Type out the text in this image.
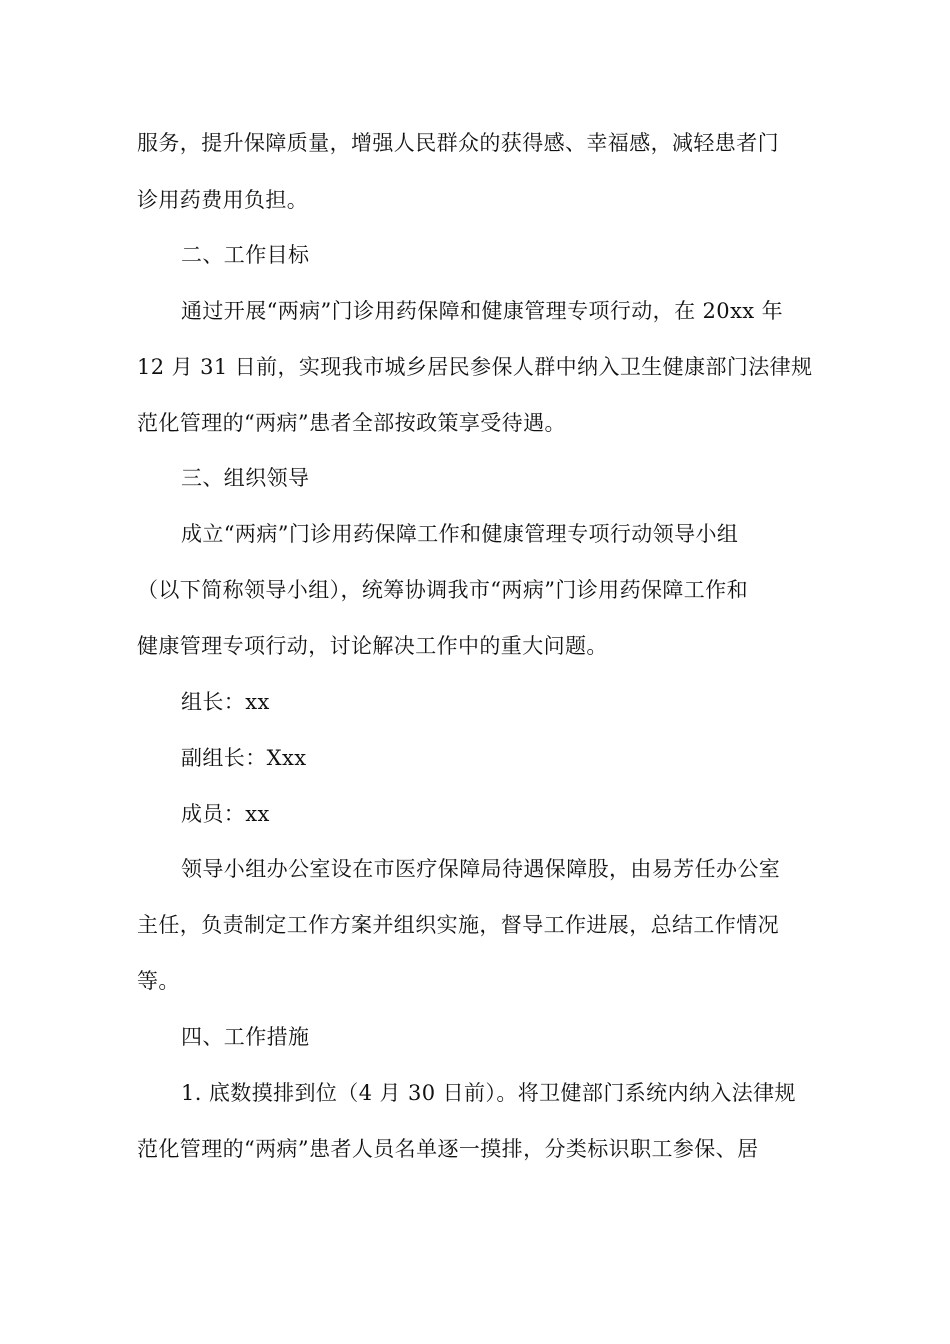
服务，提升保障质量，增强人民群众的获得感、幸福感，减轻患者门
诊用药费用负担。
二、工作目标
通过开展“两病”门诊用药保障和健康管理专项行动，在 20xx 年
12 月 31 日前，实现我市城乡居民参保人群中纳入卫生健康部门法律规
范化管理的“两病”患者全部按政策享受待遇。
三、组织领导
成立“两病”门诊用药保障工作和健康管理专项行动领导小组
（以下简称领导小组），统筹协调我市“两病”门诊用药保障工作和
健康管理专项行动，讨论解决工作中的重大问题。
组长：xx
副组长：Xxx
成员：xx
领导小组办公室设在市医疗保障局待遇保障股，由易芳任办公室
主任，负责制定工作方案并组织实施，督导工作进展，总结工作情况
等。
四、工作措施
1. 底数摸排到位（4 月 30 日前）。将卫健部门系统内纳入法律规
范化管理的“两病”患者人员名单逐一摸排，分类标识职工参保、居
